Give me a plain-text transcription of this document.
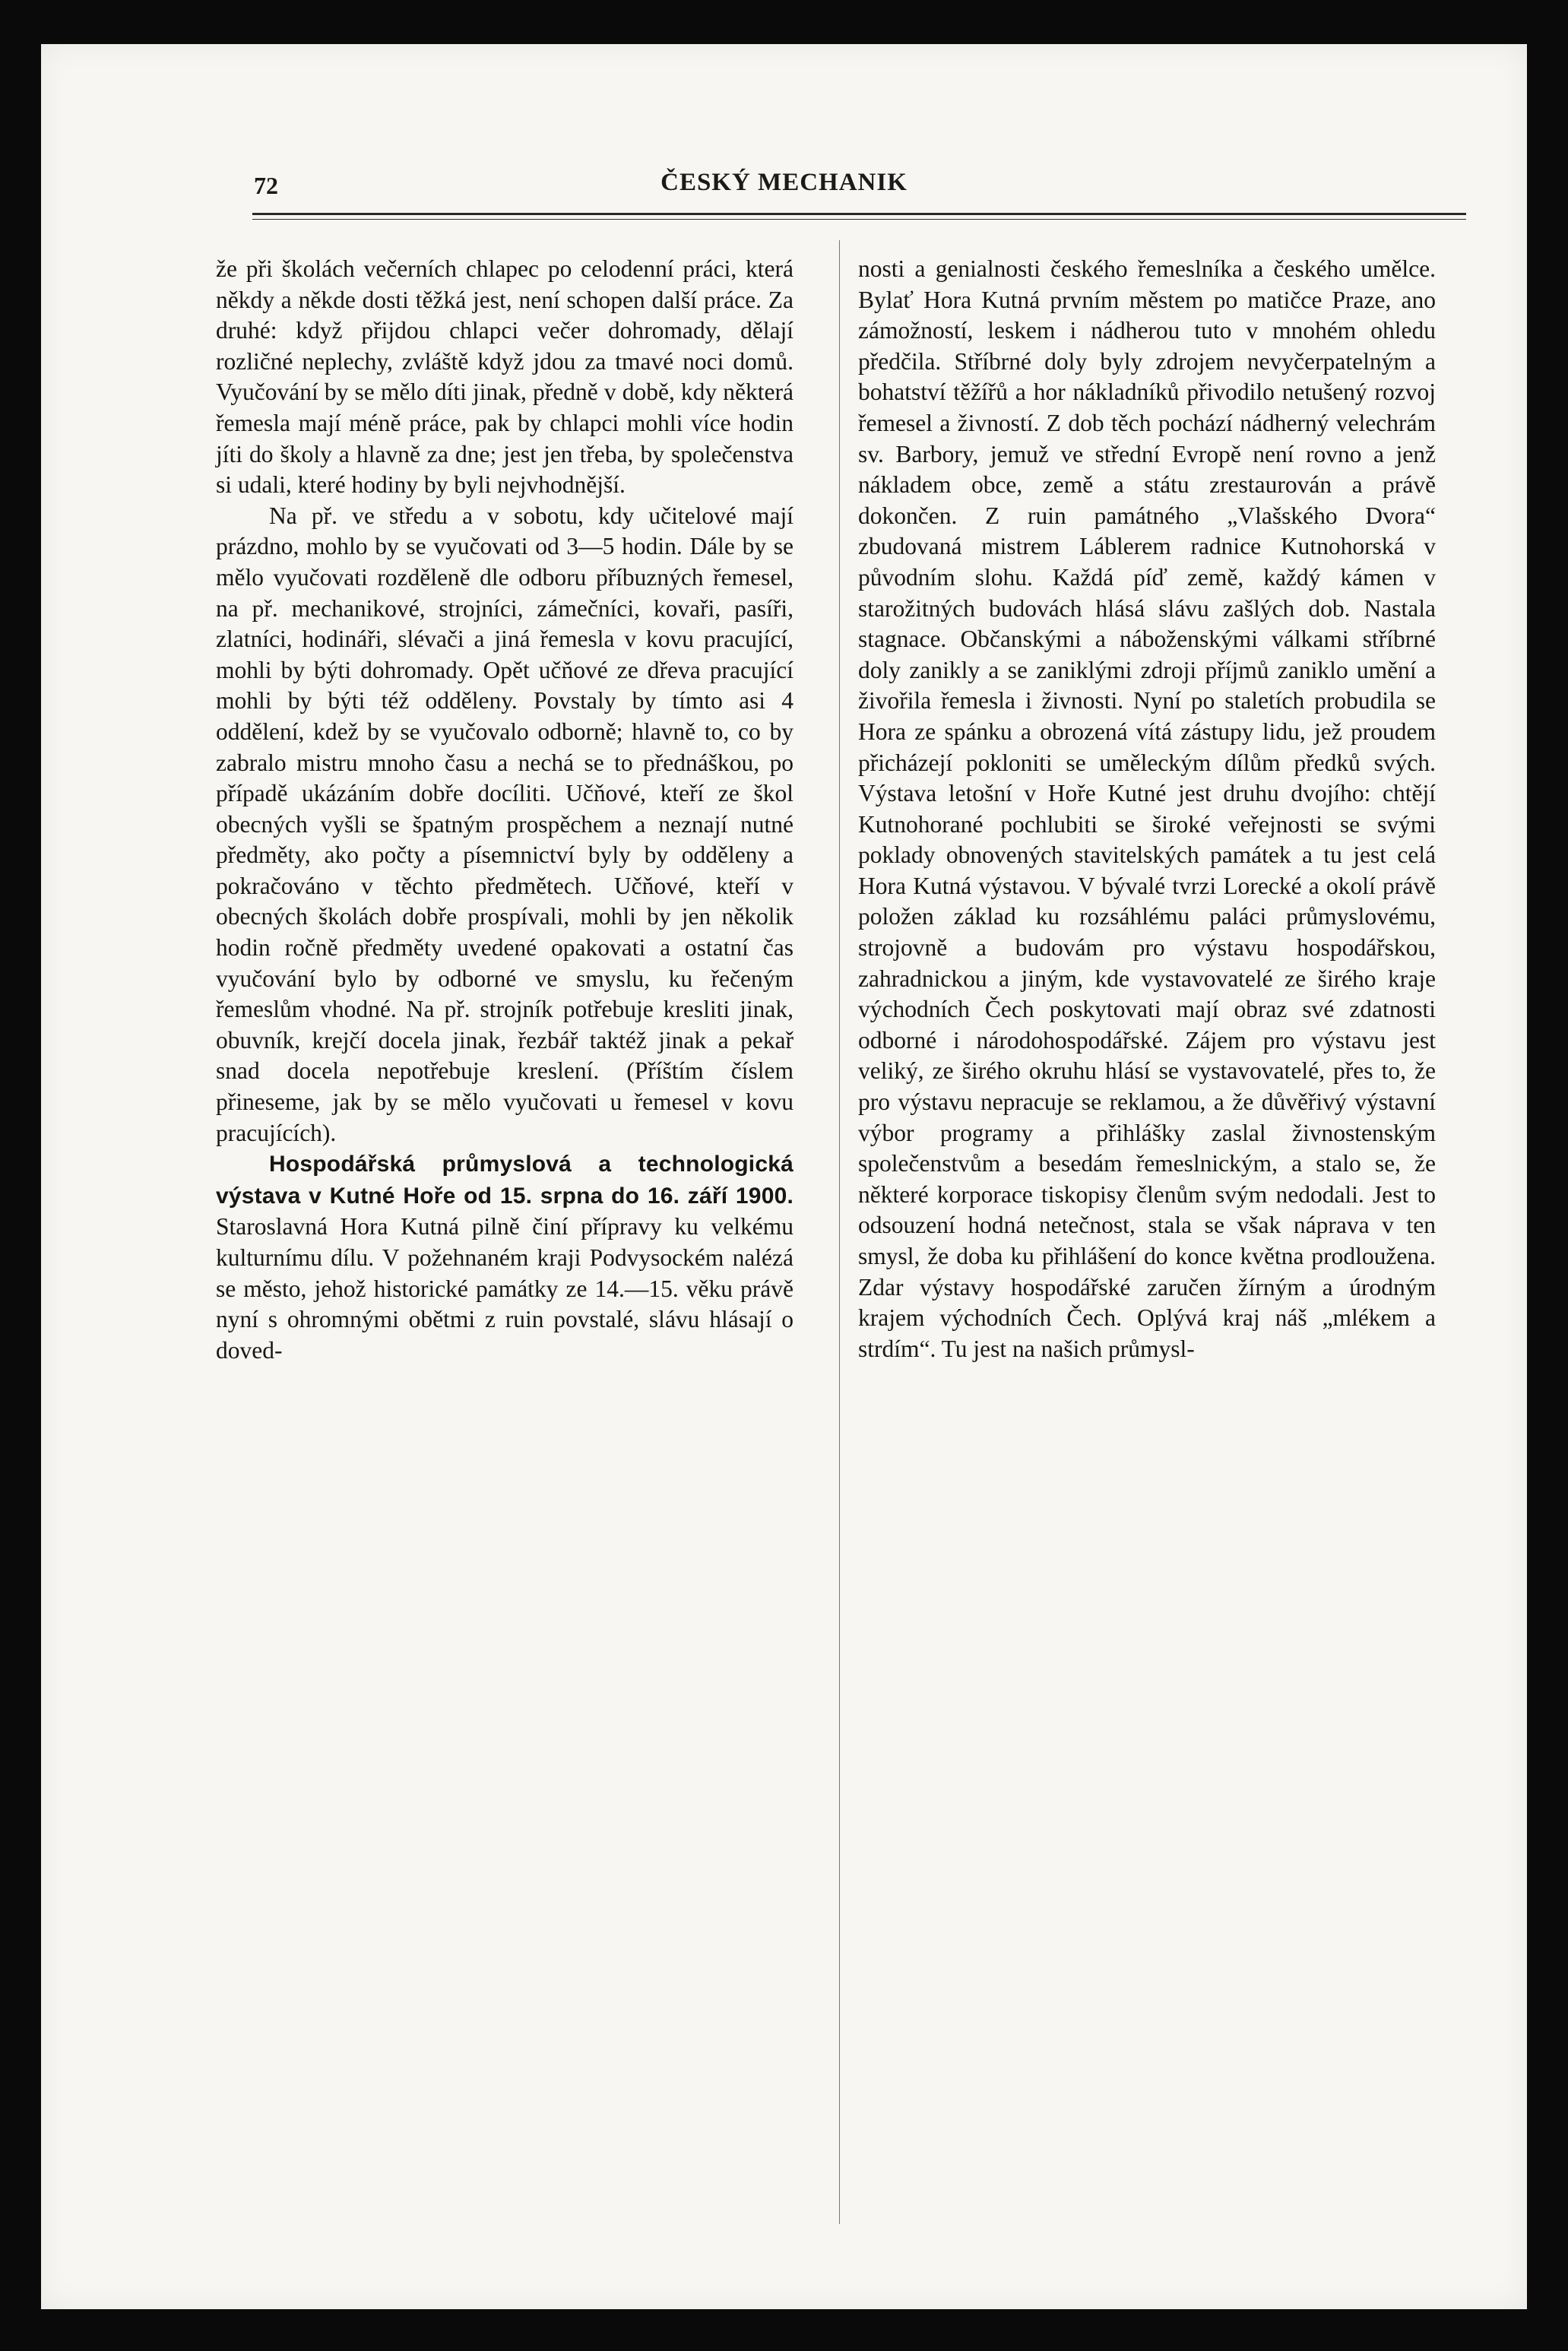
72	ČESKÝ MECHANIK

že při školách večerních chlapec po celodenní práci, která někdy a někde dosti těžká jest, není schopen další práce. Za druhé: když přijdou chlapci večer dohromady, dělají rozličné neplechy, zvláště když jdou za tmavé noci domů. Vyučování by se mělo díti jinak, předně v době, kdy některá řemesla mají méně práce, pak by chlapci mohli více hodin jíti do školy a hlavně za dne; jest jen třeba, by společenstva si udali, které hodiny by byli nejvhodnější.

Na př. ve středu a v sobotu, kdy učitelové mají prázdno, mohlo by se vyučovati od 3—5 hodin. Dále by se mělo vyučovati rozděleně dle odboru příbuzných řemesel, na př. mechanikové, strojníci, zámečníci, kovaři, pasíři, zlatníci, hodináři, slévači a jiná řemesla v kovu pracující, mohli by býti dohromady. Opět učňové ze dřeva pracující mohli by býti též odděleny. Povstaly by tímto asi 4 oddělení, kdež by se vyučovalo odborně; hlavně to, co by zabralo mistru mnoho času a nechá se to přednáškou, po případě ukázáním dobře docíliti. Učňové, kteří ze škol obecných vyšli se špatným prospěchem a neznají nutné předměty, ako počty a písemnictví byly by odděleny a pokračováno v těchto předmětech. Učňové, kteří v obecných školách dobře prospívali, mohli by jen několik hodin ročně předměty uvedené opakovati a ostatní čas vyučování bylo by odborné ve smyslu, ku řečeným řemeslům vhodné. Na př. strojník potřebuje kresliti jinak, obuvník, krejčí docela jinak, řezbář taktéž jinak a pekař snad docela nepotřebuje kreslení. (Příštím číslem přineseme, jak by se mělo vyučovati u řemesel v kovu pracujících).

Hospodářská průmyslová a technologická výstava v Kutné Hoře od 15. srpna do 16. září 1900. Staroslavná Hora Kutná pilně činí přípravy ku velkému kulturnímu dílu. V požehnaném kraji Podvysockém nalézá se město, jehož historické památky ze 14.—15. věku právě nyní s ohromnými obětmi z ruin povstalé, slávu hlásají o doved-

nosti a genialnosti českého řemeslníka a českého umělce. Bylať Hora Kutná prvním městem po matičce Praze, ano zámožností, leskem i nádherou tuto v mnohém ohledu předčila. Stříbrné doly byly zdrojem nevyčerpatelným a bohatství těžířů a hor nákladníků přivodilo netušený rozvoj řemesel a živností. Z dob těch pochází nádherný velechrám sv. Barbory, jemuž ve střední Evropě není rovno a jenž nákladem obce, země a státu zrestaurován a právě dokončen. Z ruin památného „Vlašského Dvora“ zbudovaná mistrem Láblerem radnice Kutnohorská v původním slohu. Každá píď země, každý kámen v starožitných budovách hlásá slávu zašlých dob. Nastala stagnace. Občanskými a náboženskými válkami stříbrné doly zanikly a se zaniklými zdroji příjmů zaniklo umění a živořila řemesla i živnosti. Nyní po staletích probudila se Hora ze spánku a obrozená vítá zástupy lidu, jež proudem přicházejí pokloniti se uměleckým dílům předků svých. Výstava letošní v Hoře Kutné jest druhu dvojího: chtějí Kutnohorané pochlubiti se široké veřejnosti se svými poklady obnovených stavitelských památek a tu jest celá Hora Kutná výstavou. V bývalé tvrzi Lorecké a okolí právě položen základ ku rozsáhlému paláci průmyslovému, strojovně a budovám pro výstavu hospodářskou, zahradnickou a jiným, kde vystavovatelé ze širého kraje východních Čech poskytovati mají obraz své zdatnosti odborné i národohospodářské. Zájem pro výstavu jest veliký, ze širého okruhu hlásí se vystavovatelé, přes to, že pro výstavu nepracuje se reklamou, a že důvěřivý výstavní výbor programy a přihlášky zaslal živnostenským společenstvům a besedám řemeslnickým, a stalo se, že některé korporace tiskopisy členům svým nedodali. Jest to odsouzení hodná netečnost, stala se však náprava v ten smysl, že doba ku přihlášení do konce května prodloužena. Zdar výstavy hospodářské zaručen žírným a úrodným krajem východních Čech. Oplývá kraj náš „mlékem a strdím“. Tu jest na našich průmysl-
